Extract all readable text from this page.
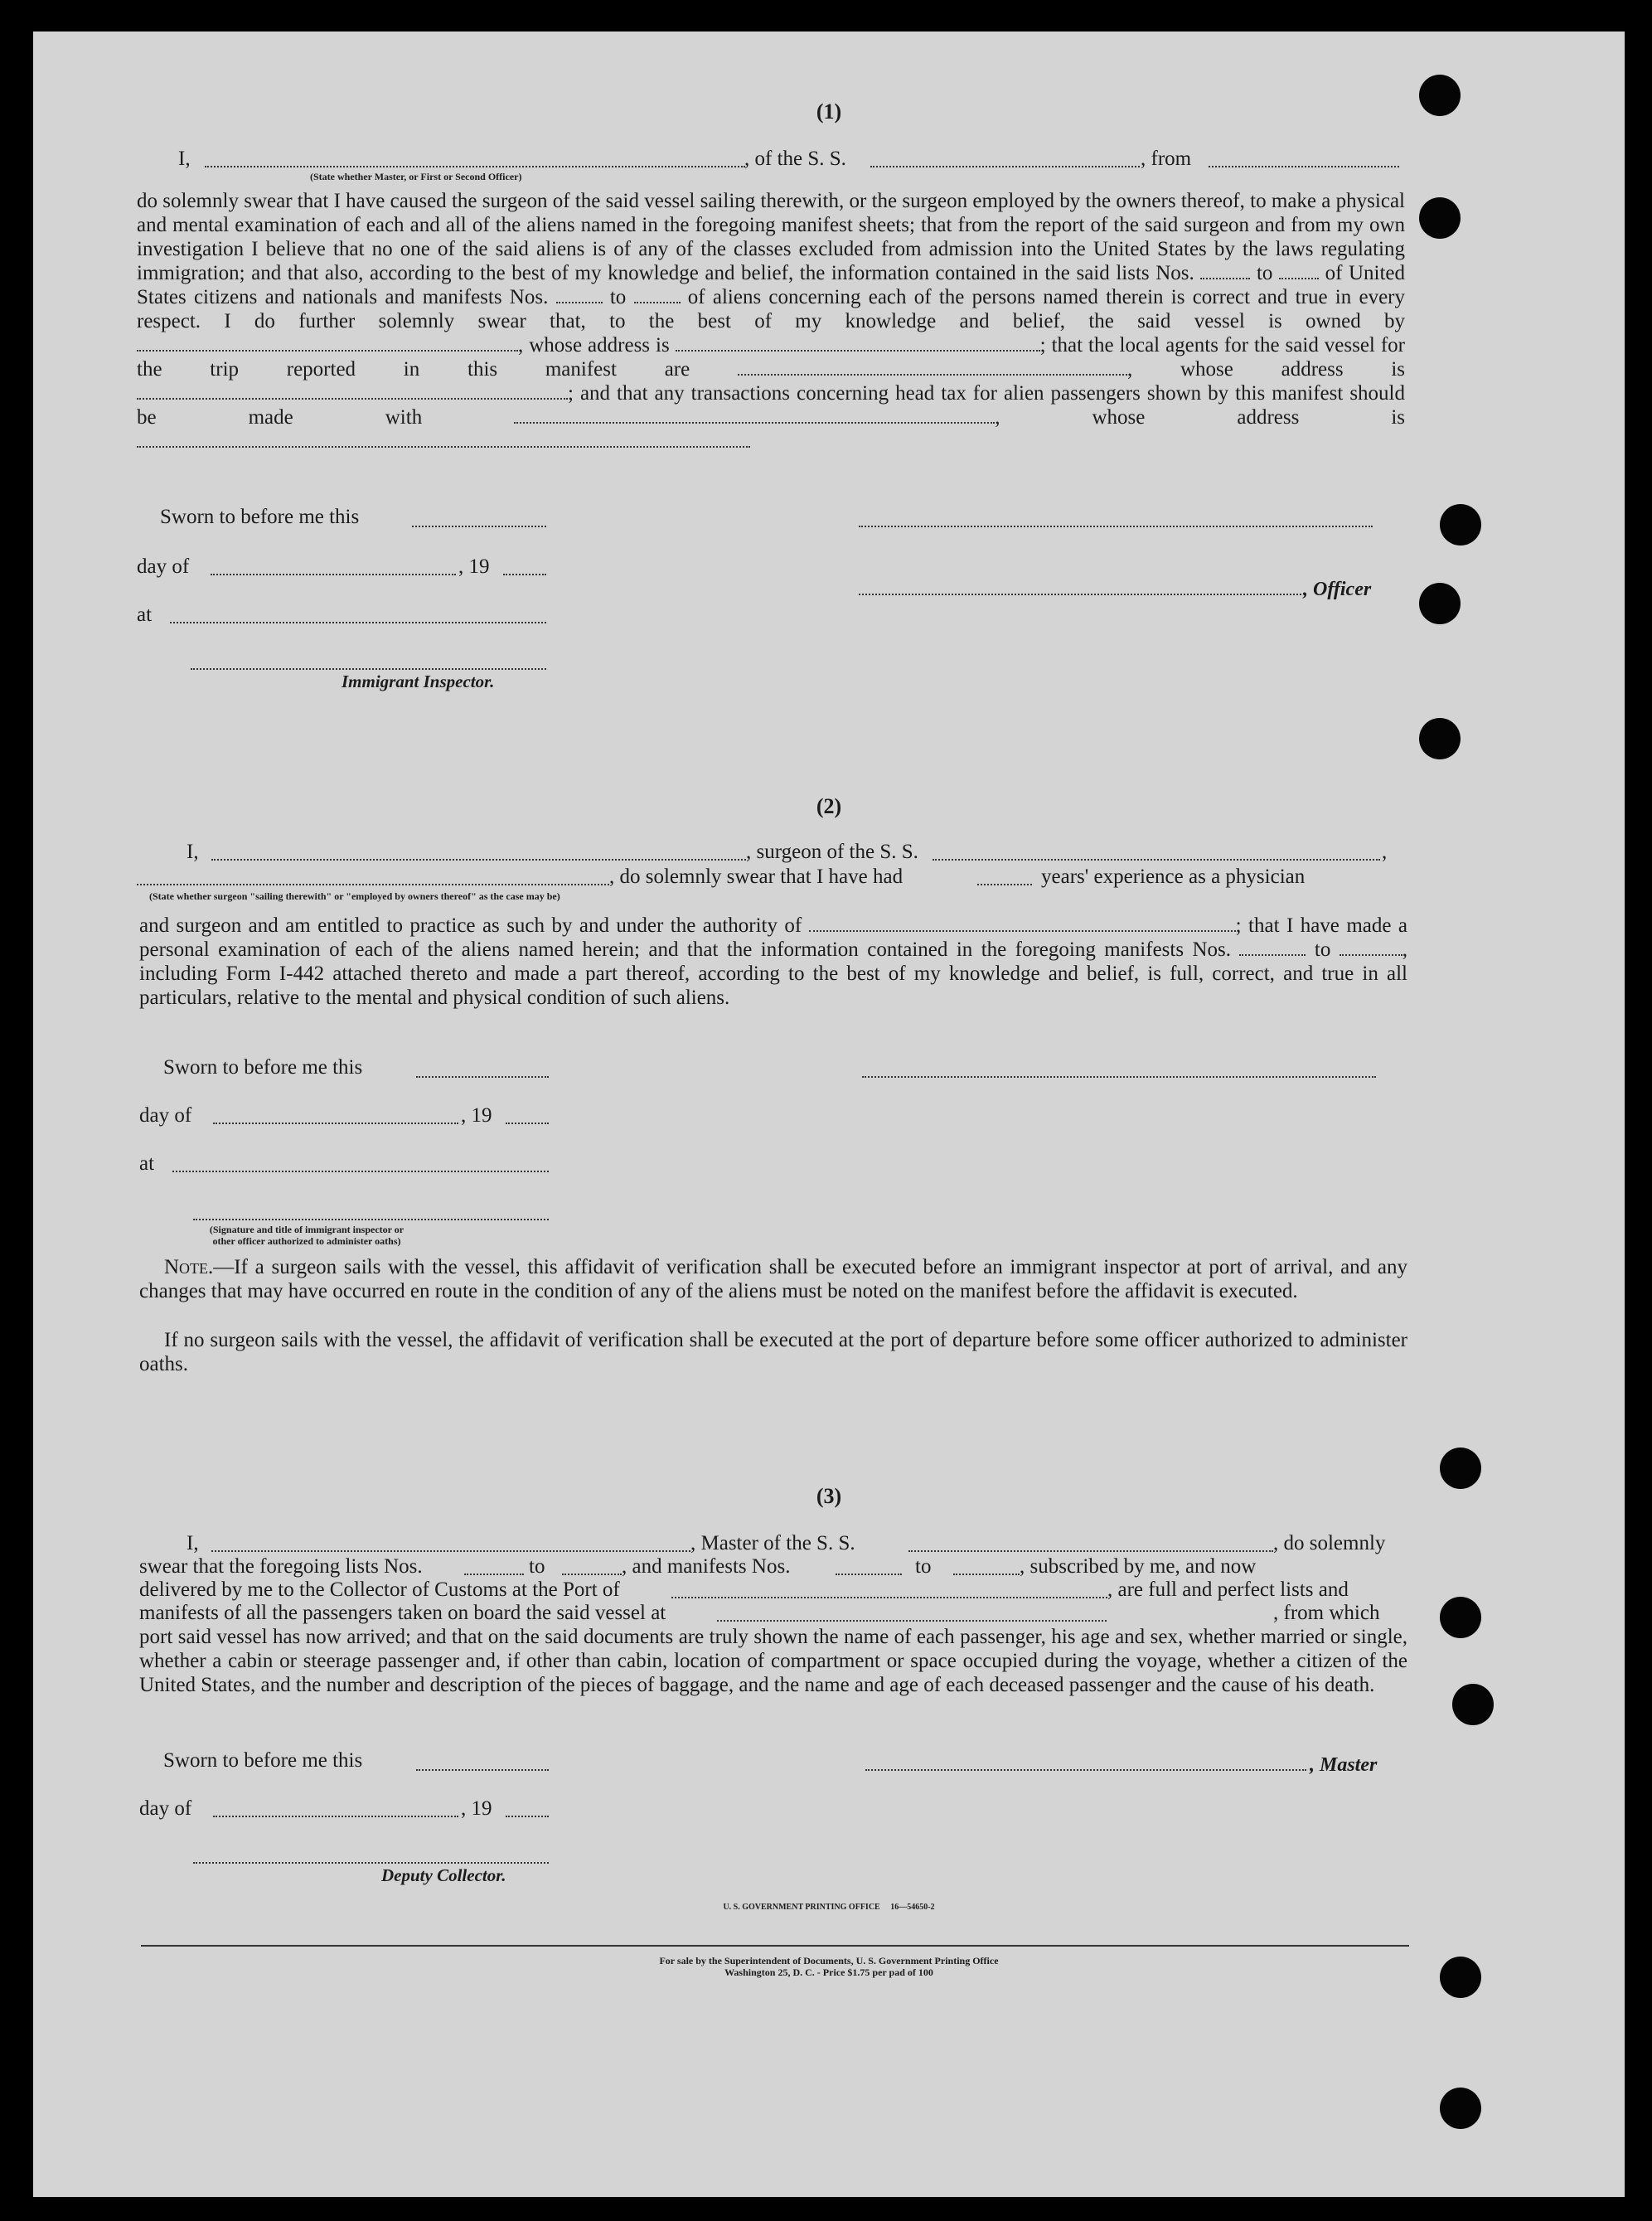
(1)
I,	, of the S. S.	, from
(State whether Master, or First or Second Officer)
do solemnly swear that I have caused the surgeon of the said vessel sailing therewith, or the surgeon employed by the owners thereof, to make a physical and mental examination of each and all of the aliens named in the foregoing manifest sheets; that from the report of the said surgeon and from my own investigation I believe that no one of the said aliens is of any of the classes excluded from admission into the United States by the laws regulating immigration; and that also, according to the best of my knowledge and belief, the information contained in the said lists Nos.	to	of United States citizens and nationals and manifests Nos.	to	of aliens concerning each of the persons named therein is correct and true in every respect. I do further solemnly swear that, to the best of my knowledge and belief, the said vessel is owned by , whose address is	; that the local agents for the said vessel for the trip reported in this manifest are	, whose address is ; and that any transactions concerning head tax for alien passengers shown by this manifest should be made with	, whose address is
Sworn to before me this
day of	, 19
, Officer
at
Immigrant Inspector.
(2)
I,	, surgeon of the S. S.	,
, do solemnly swear that I have had	years' experience as a physician
(State whether surgeon "sailing therewith" or "employed by owners thereof" as the case may be)
and surgeon and am entitled to practice as such by and under the authority of	; that I have made a personal examination of each of the aliens named herein; and that the information contained in the foregoing manifests Nos.	to	, including Form I-442 attached thereto and made a part thereof, according to the best of my knowledge and belief, is full, correct, and true in all particulars, relative to the mental and physical condition of such aliens.
Sworn to before me this
day of	, 19
at
(Signature and title of immigrant inspector or other officer authorized to administer oaths)
Note.—If a surgeon sails with the vessel, this affidavit of verification shall be executed before an immigrant inspector at port of arrival, and any changes that may have occurred en route in the condition of any of the aliens must be noted on the manifest before the affidavit is executed.
If no surgeon sails with the vessel, the affidavit of verification shall be executed at the port of departure before some officer authorized to administer oaths.
(3)
I,	, Master of the S. S.	, do solemnly
swear that the foregoing lists Nos.	to	, and manifests Nos.	to	, subscribed by me, and now
delivered by me to the Collector of Customs at the Port of	, are full and perfect lists and
manifests of all the passengers taken on board the said vessel at	, from which
port said vessel has now arrived; and that on the said documents are truly shown the name of each passenger, his age and sex, whether married or single, whether a cabin or steerage passenger and, if other than cabin, location of compartment or space occupied during the voyage, whether a citizen of the United States, and the number and description of the pieces of baggage, and the name and age of each deceased passenger and the cause of his death.
Sworn to before me this	, Master
day of	, 19
Deputy Collector.
U. S. GOVERNMENT PRINTING OFFICE     16—54650-2
For sale by the Superintendent of Documents, U. S. Government Printing Office
Washington 25, D. C. - Price $1.75 per pad of 100
